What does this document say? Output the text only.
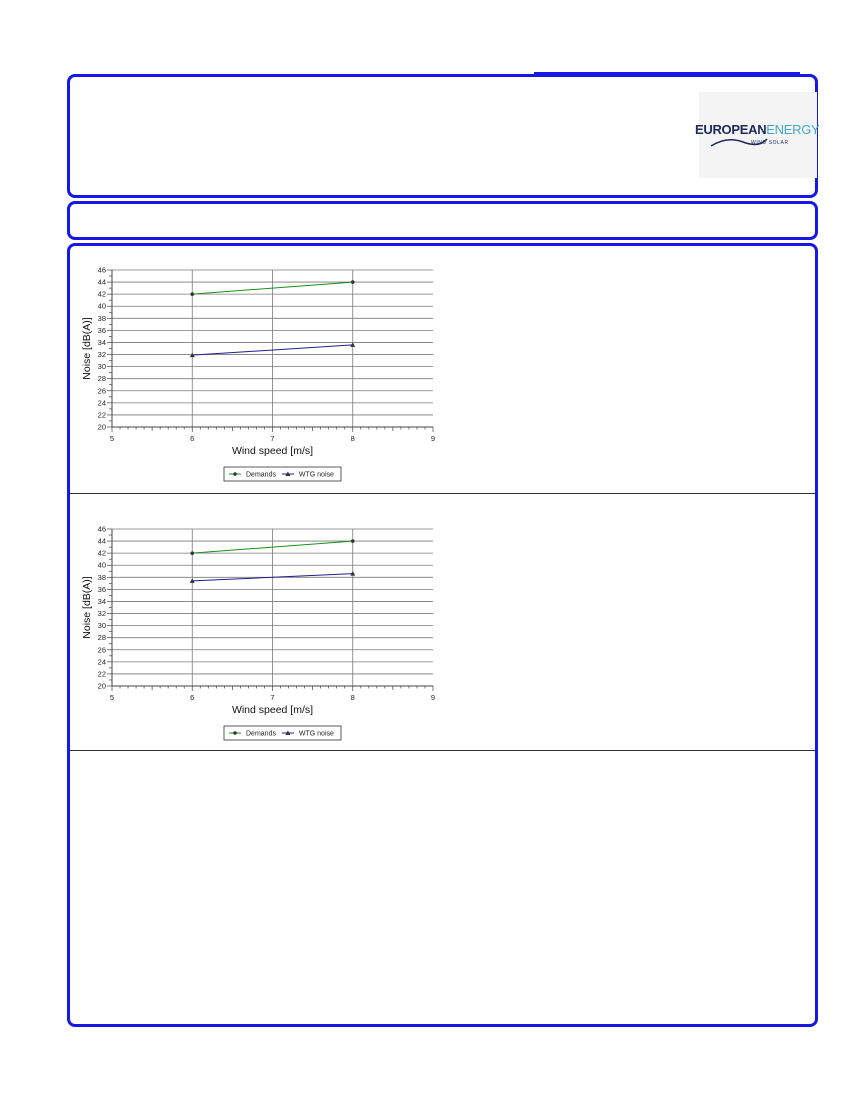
EUROPEANENERGY
WIND SOLAR
20
22
24
26
28
30
32
34
36
38
40
42
44
46
5	6	7	8	9
Wind speed [m/s]
Noise [dB(A)]
Demands	WTG noise
20
22
24
26
28
30
32
34
36
38
40
42
44
46
5	6	7	8	9
Wind speed [m/s]
Noise [dB(A)]
Demands	WTG noise
